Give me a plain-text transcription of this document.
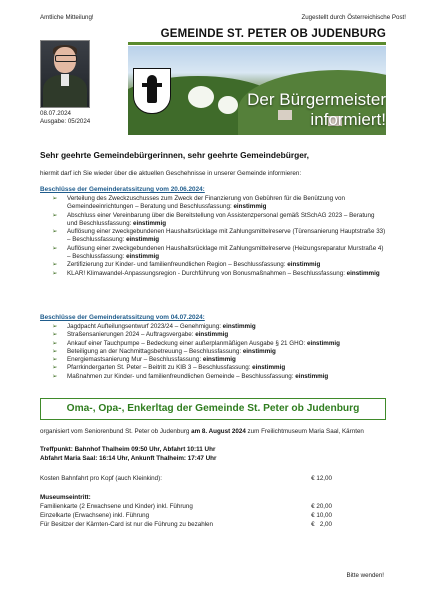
Amtliche Mitteilung!	Zugestellt durch Österreichische Post!
08.07.2024
Ausgabe: 05/2024
GEMEINDE ST. PETER OB JUDENBURG
Der Bürgermeister
informiert!
Sehr geehrte Gemeindebürgerinnen, sehr geehrte Gemeindebürger,
hiermit darf ich Sie wieder über die aktuellen Geschehnisse in unserer Gemeinde informieren:
Beschlüsse der Gemeinderatssitzung vom 20.06.2024:
➢ Verteilung des Zweckzuschusses zum Zweck der Finanzierung von Gebühren für die Benützung von Gemeindeeinrichtungen – Beratung und Beschlussfassung: einstimmig
➢ Abschluss einer Vereinbarung über die Bereitstellung von Assistenzpersonal gemäß StSchAG 2023 – Beratung und Beschlussfassung: einstimmig
➢ Auflösung einer zweckgebundenen Haushaltsrücklage mit Zahlungsmittelreserve (Türensanierung Hauptstraße 33) – Beschlussfassung: einstimmig
➢ Auflösung einer zweckgebundenen Haushaltsrücklage mit Zahlungsmittelreserve (Heizungsreparatur Murstraße 4) – Beschlussfassung: einstimmig
➢ Zertifizierung zur Kinder- und familienfreundlichen Region – Beschlussfassung: einstimmig
➢ KLAR! Klimawandel-Anpassungsregion - Durchführung von Bonusmaßnahmen – Beschlussfassung: einstimmig
Beschlüsse der Gemeinderatssitzung vom 04.07.2024:
➢ Jagdpacht Aufteilungsentwurf 2023/24 – Genehmigung: einstimmig
➢ Straßensanierungen 2024 – Auftragsvergabe: einstimmig
➢ Ankauf einer Tauchpumpe – Bedeckung einer außerplanmäßigen Ausgabe § 21 GHO: einstimmig
➢ Beteiligung an der Nachmittagsbetreuung – Beschlussfassung: einstimmig
➢ Energiemastsanierung Mur – Beschlussfassung: einstimmig
➢ Pfarrkindergarten St. Peter – Beitritt zu KIB 3 – Beschlussfassung: einstimmig
➢ Maßnahmen zur Kinder- und familienfreundlichen Gemeinde – Beschlussfassung: einstimmig
Oma-, Opa-, Enkerltag der Gemeinde St. Peter ob Judenburg
organisiert vom Seniorenbund St. Peter ob Judenburg am 8. August 2024 zum Freilichtmuseum Maria Saal, Kärnten
Treffpunkt: Bahnhof Thalheim 09:50 Uhr, Abfahrt 10:11 Uhr
Abfahrt Maria Saal: 16:14 Uhr, Ankunft Thalheim: 17:47 Uhr
Kosten Bahnfahrt pro Kopf (auch Kleinkind):	€ 12,00
Museumseintritt:
Familienkarte (2 Erwachsene und Kinder) inkl. Führung	€ 20,00
Einzelkarte (Erwachsene) inkl. Führung	€ 10,00
Für Besitzer der Kärnten-Card ist nur die Führung zu bezahlen	€   2,00
Bitte wenden!
